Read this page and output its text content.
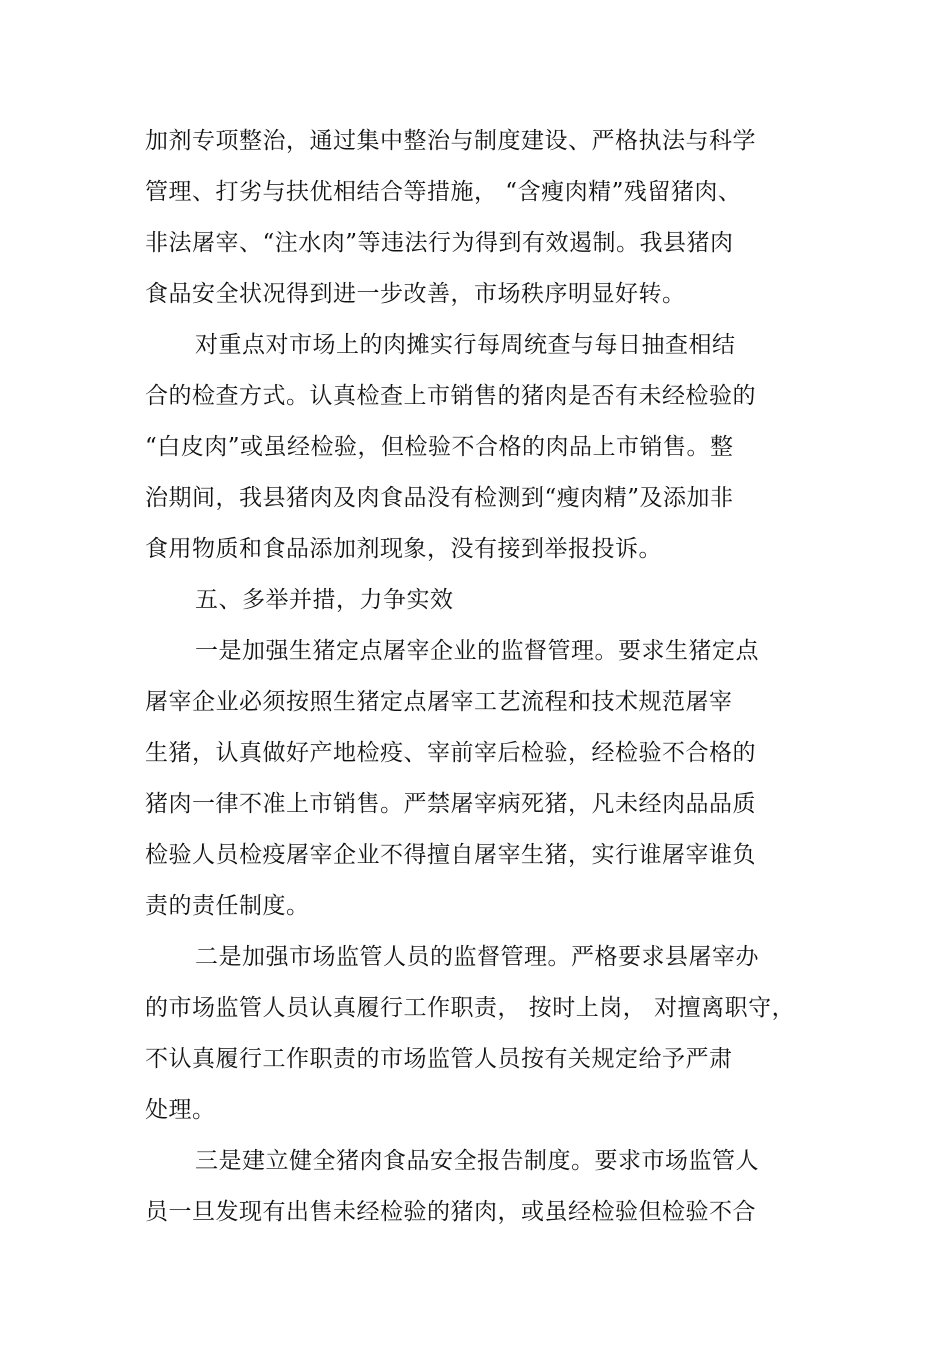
加剂专项整治，通过集中整治与制度建设、严格执法与科学
管理、打劣与扶优相结合等措施， “含瘦肉精”残留猪肉、
非法屠宰、“注水肉”等违法行为得到有效遏制。我县猪肉
食品安全状况得到进一步改善，市场秩序明显好转。
对重点对市场上的肉摊实行每周统查与每日抽查相结
合的检查方式。认真检查上市销售的猪肉是否有未经检验的
“白皮肉”或虽经检验，但检验不合格的肉品上市销售。整
治期间，我县猪肉及肉食品没有检测到“瘦肉精”及添加非
食用物质和食品添加剂现象，没有接到举报投诉。
五、多举并措，力争实效
一是加强生猪定点屠宰企业的监督管理。要求生猪定点
屠宰企业必须按照生猪定点屠宰工艺流程和技术规范屠宰
生猪，认真做好产地检疫、宰前宰后检验，经检验不合格的
猪肉一律不准上市销售。严禁屠宰病死猪，凡未经肉品品质
检验人员检疫屠宰企业不得擅自屠宰生猪，实行谁屠宰谁负
责的责任制度。
二是加强市场监管人员的监督管理。严格要求县屠宰办
的市场监管人员认真履行工作职责， 按时上岗， 对擅离职守，
不认真履行工作职责的市场监管人员按有关规定给予严肃
处理。
三是建立健全猪肉食品安全报告制度。要求市场监管人
员一旦发现有出售未经检验的猪肉，或虽经检验但检验不合
